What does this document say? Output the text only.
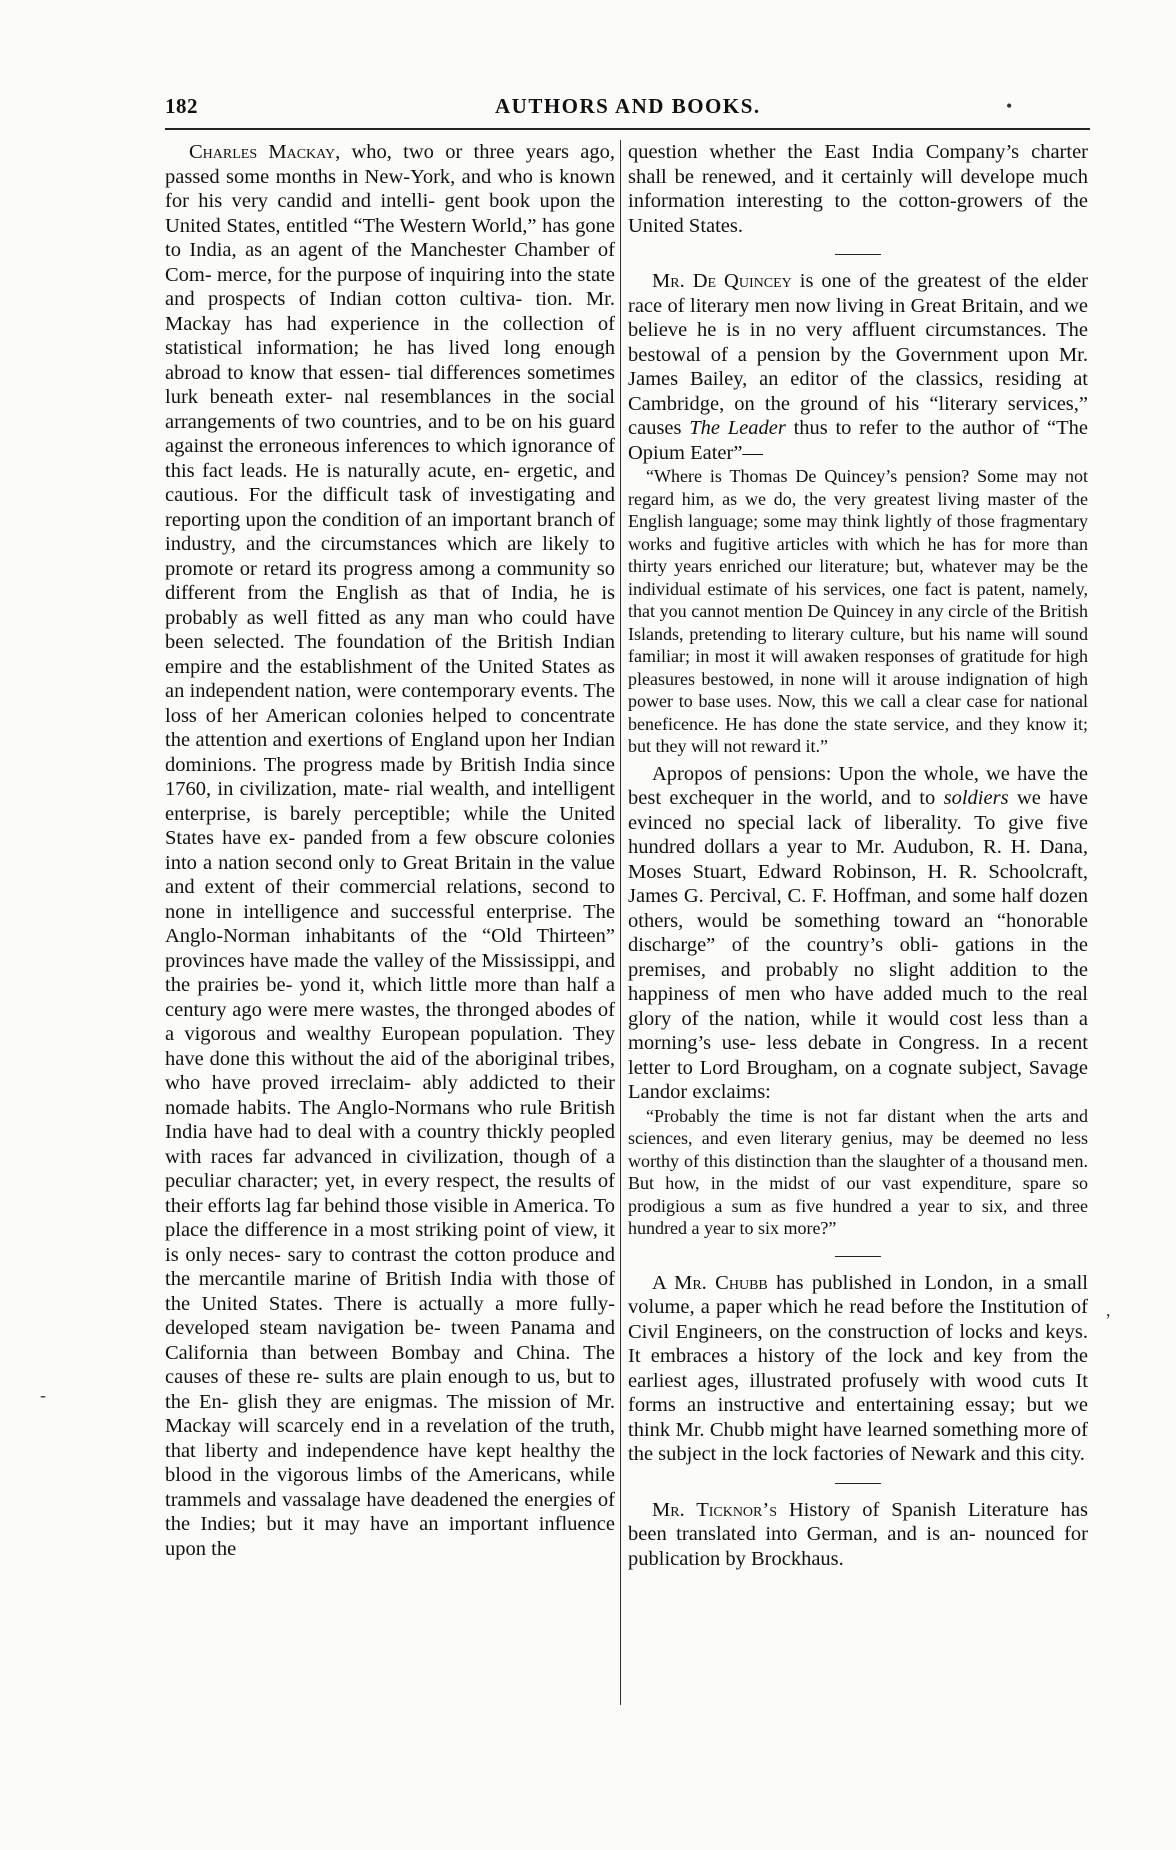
182	AUTHORS AND BOOKS.	•
-
,

Charles Mackay, who, two or three years ago, passed some months in New-York, and who is known for his very candid and intelli- gent book upon the United States, entitled “The Western World,” has gone to India, as an agent of the Manchester Chamber of Com- merce, for the purpose of inquiring into the state and prospects of Indian cotton cultiva- tion. Mr. Mackay has had experience in the collection of statistical information; he has lived long enough abroad to know that essen- tial differences sometimes lurk beneath exter- nal resemblances in the social arrangements of two countries, and to be on his guard against the erroneous inferences to which ignorance of this fact leads. He is naturally acute, en- ergetic, and cautious. For the difficult task of investigating and reporting upon the condition of an important branch of industry, and the circumstances which are likely to promote or retard its progress among a community so different from the English as that of India, he is probably as well fitted as any man who could have been selected. The foundation of the British Indian empire and the establishment of the United States as an independent nation, were contemporary events. The loss of her American colonies helped to concentrate the attention and exertions of England upon her Indian dominions. The progress made by British India since 1760, in civilization, mate- rial wealth, and intelligent enterprise, is barely perceptible; while the United States have ex- panded from a few obscure colonies into a nation second only to Great Britain in the value and extent of their commercial relations, second to none in intelligence and successful enterprise. The Anglo-Norman inhabitants of the “Old Thirteen” provinces have made the valley of the Mississippi, and the prairies be- yond it, which little more than half a century ago were mere wastes, the thronged abodes of a vigorous and wealthy European population. They have done this without the aid of the aboriginal tribes, who have proved irreclaim- ably addicted to their nomade habits. The Anglo-Normans who rule British India have had to deal with a country thickly peopled with races far advanced in civilization, though of a peculiar character; yet, in every respect, the results of their efforts lag far behind those visible in America. To place the difference in a most striking point of view, it is only neces- sary to contrast the cotton produce and the mercantile marine of British India with those of the United States. There is actually a more fully-developed steam navigation be- tween Panama and California than between Bombay and China. The causes of these re- sults are plain enough to us, but to the En- glish they are enigmas. The mission of Mr. Mackay will scarcely end in a revelation of the truth, that liberty and independence have kept healthy the blood in the vigorous limbs of the Americans, while trammels and vassalage have deadened the energies of the Indies; but it may have an important influence upon the

question whether the East India Company’s charter shall be renewed, and it certainly will develope much information interesting to the cotton-growers of the United States.

Mr. De Quincey is one of the greatest of the elder race of literary men now living in Great Britain, and we believe he is in no very affluent circumstances. The bestowal of a pension by the Government upon Mr. James Bailey, an editor of the classics, residing at Cambridge, on the ground of his “literary services,” causes The Leader thus to refer to the author of “The Opium Eater”—

“Where is Thomas De Quincey’s pension? Some may not regard him, as we do, the very greatest living master of the English language; some may think lightly of those fragmentary works and fugitive articles with which he has for more than thirty years enriched our literature; but, whatever may be the individual estimate of his services, one fact is patent, namely, that you cannot mention De Quincey in any circle of the British Islands, pretending to literary culture, but his name will sound familiar; in most it will awaken responses of gratitude for high pleasures bestowed, in none will it arouse indignation of high power to base uses. Now, this we call a clear case for national beneficence. He has done the state service, and they know it; but they will not reward it.”

Apropos of pensions: Upon the whole, we have the best exchequer in the world, and to soldiers we have evinced no special lack of liberality. To give five hundred dollars a year to Mr. Audubon, R. H. Dana, Moses Stuart, Edward Robinson, H. R. Schoolcraft, James G. Percival, C. F. Hoffman, and some half dozen others, would be something toward an “honorable discharge” of the country’s obli- gations in the premises, and probably no slight addition to the happiness of men who have added much to the real glory of the nation, while it would cost less than a morning’s use- less debate in Congress. In a recent letter to Lord Brougham, on a cognate subject, Savage Landor exclaims:

“Probably the time is not far distant when the arts and sciences, and even literary genius, may be deemed no less worthy of this distinction than the slaughter of a thousand men. But how, in the midst of our vast expenditure, spare so prodigious a sum as five hundred a year to six, and three hundred a year to six more?”

A Mr. Chubb has published in London, in a small volume, a paper which he read before the Institution of Civil Engineers, on the construction of locks and keys. It embraces a history of the lock and key from the earliest ages, illustrated profusely with wood cuts It forms an instructive and entertaining essay; but we think Mr. Chubb might have learned something more of the subject in the lock factories of Newark and this city.

Mr. Ticknor’s History of Spanish Literature has been translated into German, and is an- nounced for publication by Brockhaus.
